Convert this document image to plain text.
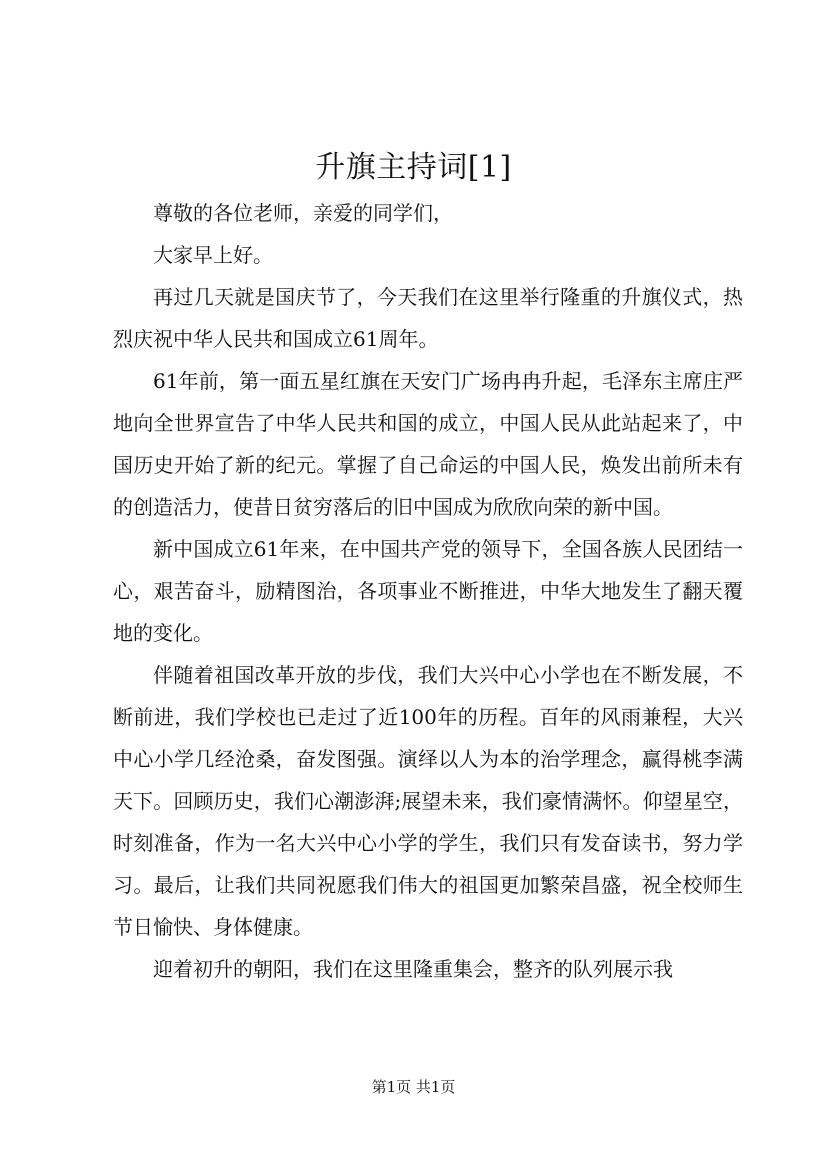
升旗主持词[1]

尊敬的各位老师，亲爱的同学们，

大家早上好。

再过几天就是国庆节了，今天我们在这里举行隆重的升旗仪式，热烈庆祝中华人民共和国成立61周年。

61年前，第一面五星红旗在天安门广场冉冉升起，毛泽东主席庄严地向全世界宣告了中华人民共和国的成立，中国人民从此站起来了，中国历史开始了新的纪元。掌握了自己命运的中国人民，焕发出前所未有的创造活力，使昔日贫穷落后的旧中国成为欣欣向荣的新中国。

新中国成立61年来，在中国共产党的领导下，全国各族人民团结一心，艰苦奋斗，励精图治，各项事业不断推进，中华大地发生了翻天覆地的变化。

伴随着祖国改革开放的步伐，我们大兴中心小学也在不断发展，不断前进，我们学校也已走过了近100年的历程。百年的风雨兼程，大兴中心小学几经沧桑，奋发图强。演绎以人为本的治学理念，赢得桃李满天下。回顾历史，我们心潮澎湃;展望未来，我们豪情满怀。仰望星空，时刻准备，作为一名大兴中心小学的学生，我们只有发奋读书，努力学习。最后，让我们共同祝愿我们伟大的祖国更加繁荣昌盛，祝全校师生节日愉快、身体健康。

迎着初升的朝阳，我们在这里隆重集会，整齐的队列展示我

第1页 共1页
